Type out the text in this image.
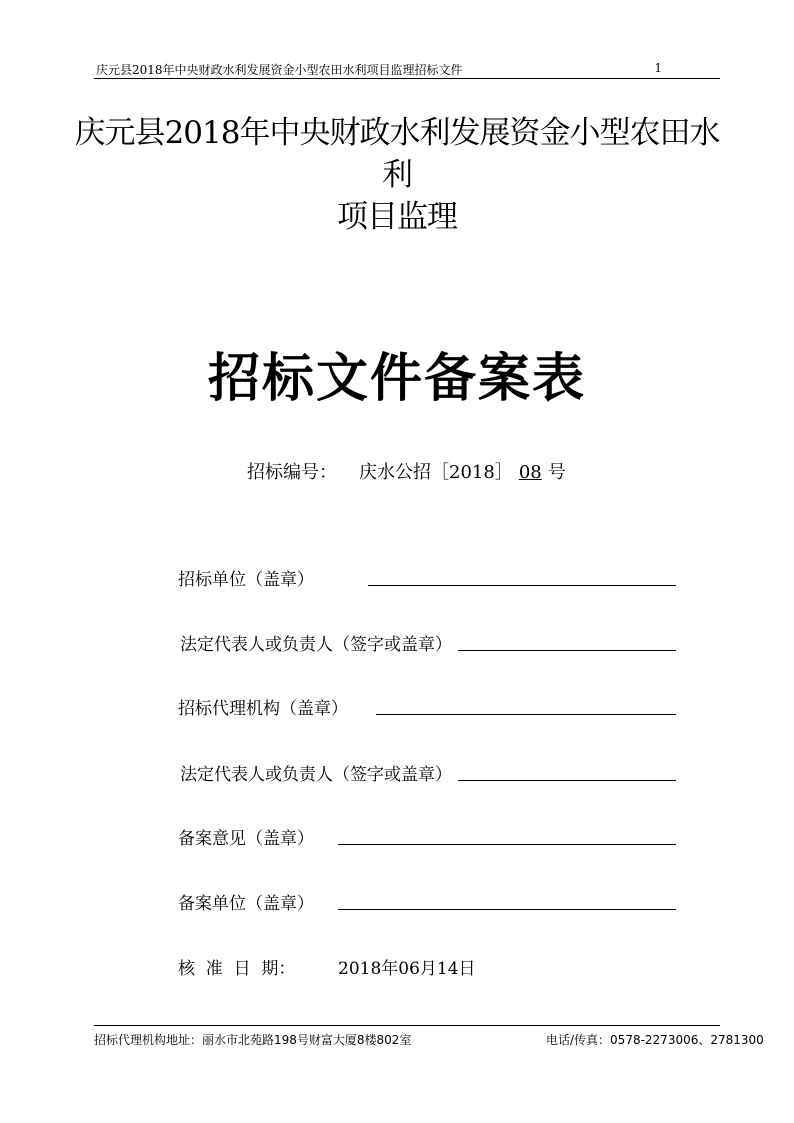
庆元县2018年中央财政水利发展资金小型农田水利项目监理招标文件	1
庆元县2018年中央财政水利发展资金小型农田水利
项目监理
招标文件备案表
招标编号： 庆水公招［2018］ 08 号
招标单位（盖章）
法定代表人或负责人（签字或盖章）
招标代理机构（盖章）
法定代表人或负责人（签字或盖章）
备案意见（盖章）
备案单位（盖章）
核  准  日  期：	2018年06月14日
招标代理机构地址：丽水市北苑路198号财富大厦8楼802室	电话/传真：0578-2273006、2781300
